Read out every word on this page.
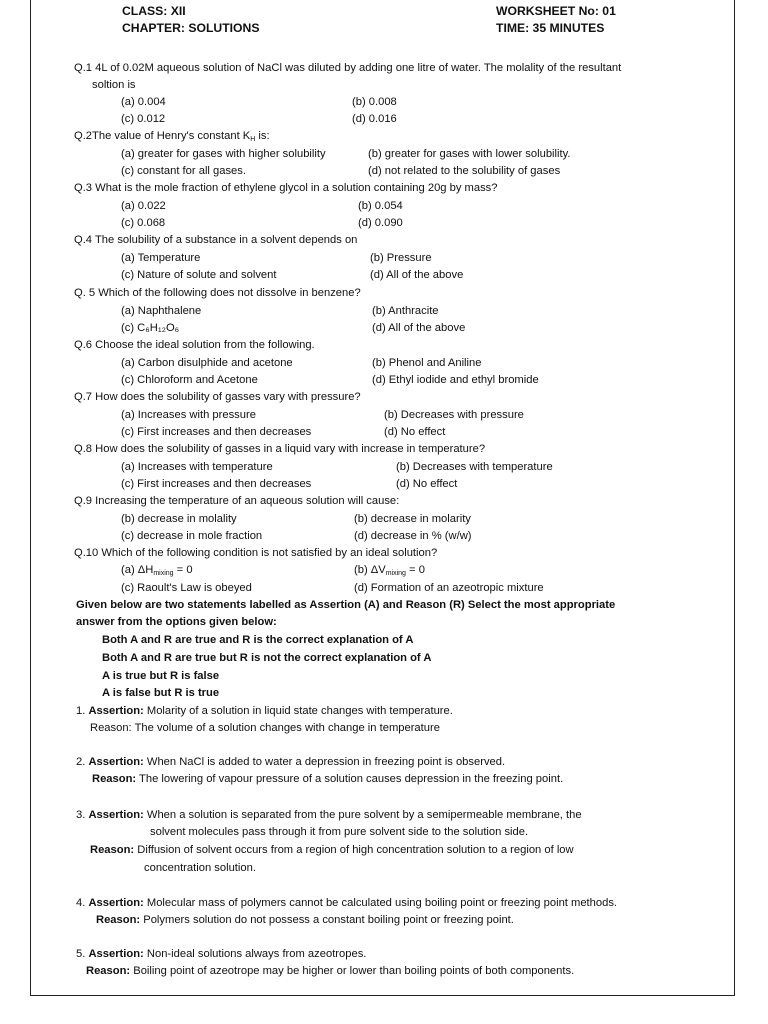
CLASS: XII
CHAPTER: SOLUTIONS
WORKSHEET No: 01
TIME: 35 MINUTES
Q.1 4L of 0.02M aqueous solution of NaCl was diluted by adding one litre of water. The molality of the resultant
soltion is
(a) 0.004	(b) 0.008
(c) 0.012	(d) 0.016
Q.2The value of Henry's constant $K_H$ is:
(a) greater for gases with higher solubility	(b) greater for gases with lower solubility.
(c) constant for all gases.	(d) not related to the solubility of gases
Q.3 What is the mole fraction of ethylene glycol in a solution containing 20g by mass?
(a) 0.022	(b) 0.054
(c) 0.068	(d) 0.090
Q.4 The solubility of a substance in a solvent depends on
(a) Temperature	(b) Pressure
(c) Nature of solute and solvent	(d) All of the above
Q. 5 Which of the following does not dissolve in benzene?
(a) Naphthalene	(b) Anthracite
(c) C₆H₁₂O₆	(d) All of the above
Q.6 Choose the ideal solution from the following.
(a) Carbon disulphide and acetone	(b) Phenol and Aniline
(c) Chloroform and Acetone	(d) Ethyl iodide and ethyl bromide
Q.7 How does the solubility of gasses vary with pressure?
(a) Increases with pressure	(b) Decreases with pressure
(c) First increases and then decreases	(d) No effect
Q.8 How does the solubility of gasses in a liquid vary with increase in temperature?
(a) Increases with temperature	(b) Decreases with temperature
(c) First increases and then decreases	(d) No effect
Q.9 Increasing the temperature of an aqueous solution will cause:
(b) decrease in molality	(b) decrease in molarity
(c) decrease in mole fraction	(d) decrease in % (w/w)
Q.10 Which of the following condition is not satisfied by an ideal solution?
(a) ΔHmixing = 0	(b) ΔVmixing = 0
(c) Raoult's Law is obeyed	(d) Formation of an azeotropic mixture
Given below are two statements labelled as Assertion (A) and Reason (R) Select the most appropriate
answer from the options given below:
Both A and R are true and R is the correct explanation of A
Both A and R are true but R is not the correct explanation of A
A is true but R is false
A is false but R is true
1. Assertion: Molarity of a solution in liquid state changes with temperature.
Reason: The volume of a solution changes with change in temperature
2. Assertion: When NaCl is added to water a depression in freezing point is observed.
Reason: The lowering of vapour pressure of a solution causes depression in the freezing point.
3. Assertion: When a solution is separated from the pure solvent by a semipermeable membrane, the
solvent molecules pass through it from pure solvent side to the solution side.
Reason: Diffusion of solvent occurs from a region of high concentration solution to a region of low
concentration solution.
4. Assertion: Molecular mass of polymers cannot be calculated using boiling point or freezing point methods.
Reason: Polymers solution do not possess a constant boiling point or freezing point.
5. Assertion: Non-ideal solutions always from azeotropes.
Reason: Boiling point of azeotrope may be higher or lower than boiling points of both components.
